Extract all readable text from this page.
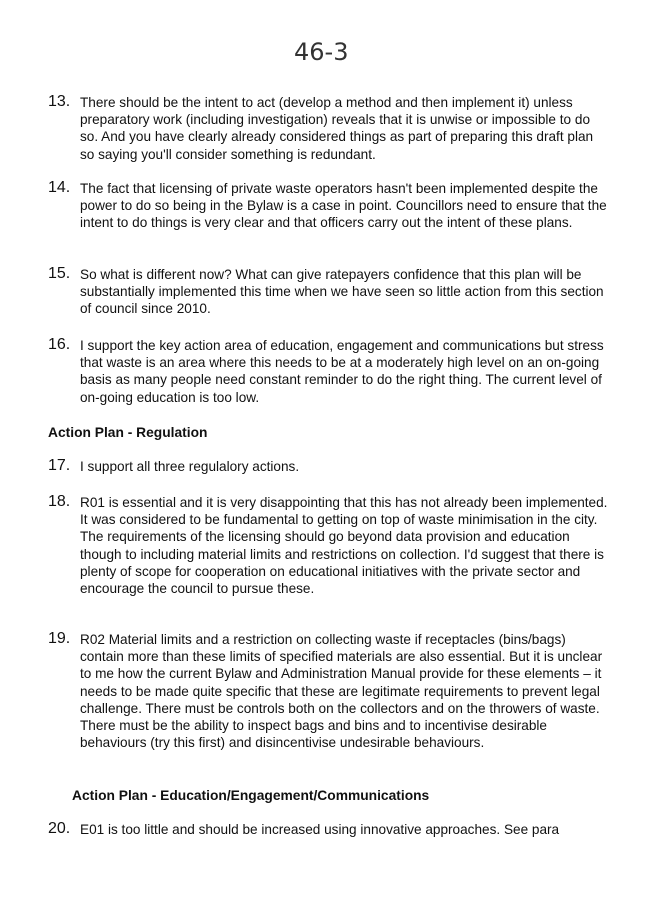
46-3
13. There should be the intent to act (develop a method and then implement it) unless preparatory work (including investigation) reveals that it is unwise or impossible to do so. And you have clearly already considered things as part of preparing this draft plan so saying you'll consider something is redundant.
14. The fact that licensing of private waste operators hasn't been implemented despite the power to do so being in the Bylaw is a case in point. Councillors need to ensure that the intent to do things is very clear and that officers carry out the intent of these plans.
15. So what is different now? What can give ratepayers confidence that this plan will be substantially implemented this time when we have seen so little action from this section of council since 2010.
16. I support the key action area of education, engagement and communications but stress that waste is an area where this needs to be at a moderately high level on an on-going basis as many people need constant reminder to do the right thing. The current level of on-going education is too low.
Action Plan - Regulation
17. I support all three regulalory actions.
18. R01 is essential and it is very disappointing that this has not already been implemented. It was considered to be fundamental to getting on top of waste minimisation in the city. The requirements of the licensing should go beyond data provision and education though to including material limits and restrictions on collection. I'd suggest that there is plenty of scope for cooperation on educational initiatives with the private sector and encourage the council to pursue these.
19. R02 Material limits and a restriction on collecting waste if receptacles (bins/bags) contain more than these limits of specified materials are also essential. But it is unclear to me how the current Bylaw and Administration Manual provide for these elements – it needs to be made quite specific that these are legitimate requirements to prevent legal challenge. There must be controls both on the collectors and on the throwers of waste. There must be the ability to inspect bags and bins and to incentivise desirable behaviours (try this first) and disincentivise undesirable behaviours.
Action Plan - Education/Engagement/Communications
20. E01 is too little and should be increased using innovative approaches. See para
